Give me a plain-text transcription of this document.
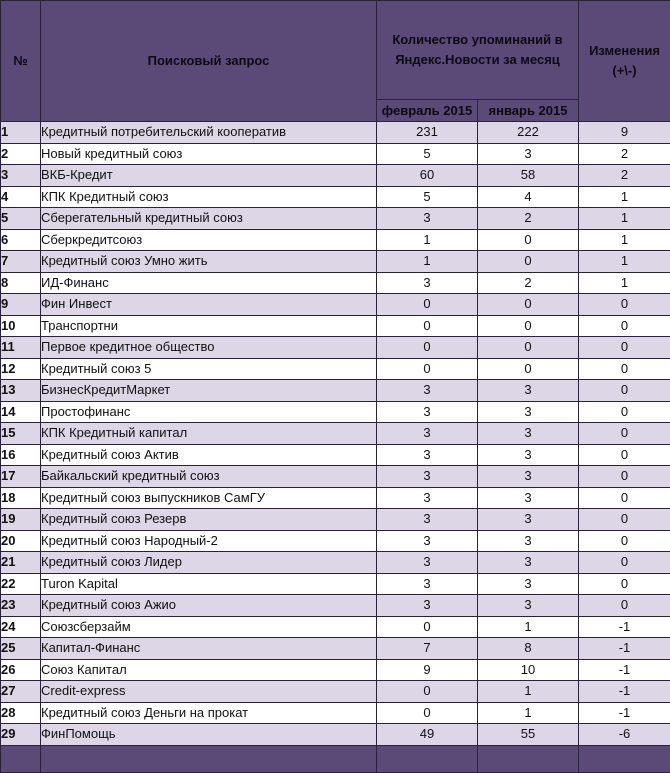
№	Поисковый запрос	Количество упоминаний в Яндекс.Новости за месяц		Изменения (+\-)
		февраль 2015	январь 2015	
1	Кредитный потребительский кооператив	231	222	9
2	Новый кредитный союз	5	3	2
3	ВКБ-Кредит	60	58	2
4	КПК Кредитный союз	5	4	1
5	Сберегательный кредитный союз	3	2	1
6	Сберкредитсоюз	1	0	1
7	Кредитный союз Умно жить	1	0	1
8	ИД-Финанс	3	2	1
9	Фин Инвест	0	0	0
10	Транспортни	0	0	0
11	Первое кредитное общество	0	0	0
12	Кредитный союз 5	0	0	0
13	БизнесКредитМаркет	3	3	0
14	Простофинанс	3	3	0
15	КПК Кредитный капитал	3	3	0
16	Кредитный союз Актив	3	3	0
17	Байкальский кредитный союз	3	3	0
18	Кредитный союз выпускников СамГУ	3	3	0
19	Кредитный союз Резерв	3	3	0
20	Кредитный союз Народный-2	3	3	0
21	Кредитный союз Лидер	3	3	0
22	Turon Kapital	3	3	0
23	Кредитный союз Ажио	3	3	0
24	Союзсберзайм	0	1	-1
25	Капитал-Финанс	7	8	-1
26	Союз Капитал	9	10	-1
27	Credit-express	0	1	-1
28	Кредитный союз Деньги на прокат	0	1	-1
29	ФинПомощь	49	55	-6
